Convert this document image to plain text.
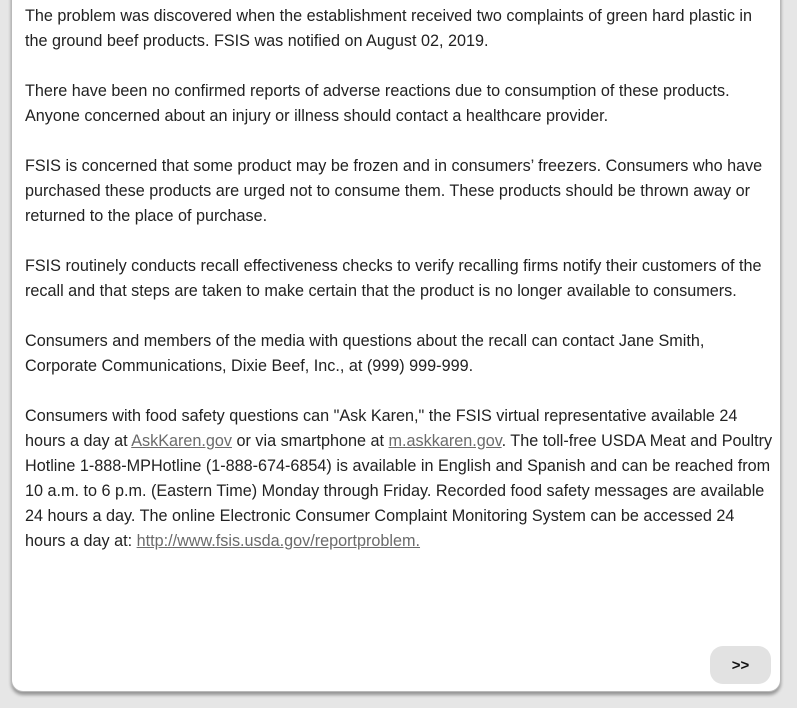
The problem was discovered when the establishment received two complaints of green hard plastic in the ground beef products. FSIS was notified on August 02, 2019.

There have been no confirmed reports of adverse reactions due to consumption of these products. Anyone concerned about an injury or illness should contact a healthcare provider.

FSIS is concerned that some product may be frozen and in consumers’ freezers. Consumers who have purchased these products are urged not to consume them. These products should be thrown away or returned to the place of purchase.

FSIS routinely conducts recall effectiveness checks to verify recalling firms notify their customers of the recall and that steps are taken to make certain that the product is no longer available to consumers.

Consumers and members of the media with questions about the recall can contact Jane Smith, Corporate Communications, Dixie Beef, Inc., at (999) 999-999.

Consumers with food safety questions can "Ask Karen," the FSIS virtual representative available 24 hours a day at AskKaren.gov or via smartphone at m.askkaren.gov. The toll-free USDA Meat and Poultry Hotline 1-888-MPHotline (1-888-674-6854) is available in English and Spanish and can be reached from 10 a.m. to 6 p.m. (Eastern Time) Monday through Friday. Recorded food safety messages are available 24 hours a day. The online Electronic Consumer Complaint Monitoring System can be accessed 24 hours a day at: http://www.fsis.usda.gov/reportproblem.

>>
